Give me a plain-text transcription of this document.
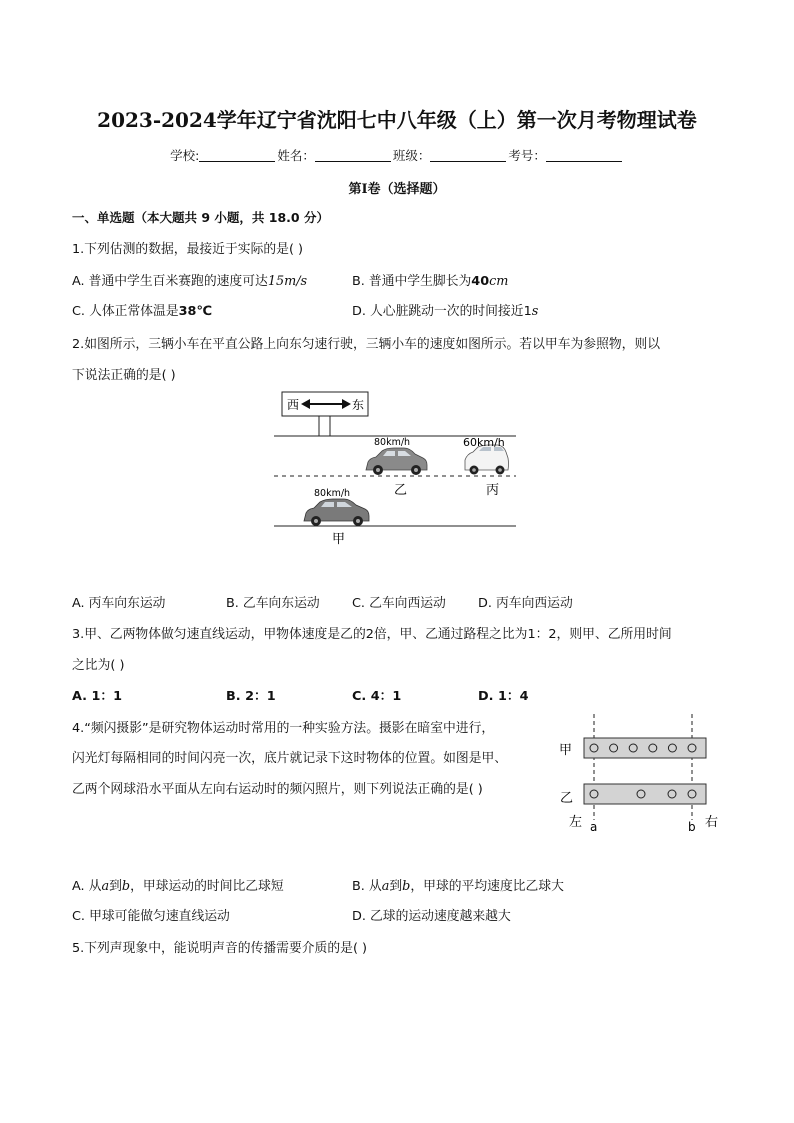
2023-2024学年辽宁省沈阳七中八年级（上）第一次月考物理试卷
学校:	姓名：	班级：	考号：
第Ⅰ卷（选择题）
一、单选题（本大题共 9 小题，共 18.0 分）
1.下列估测的数据，最接近于实际的是( )
A. 普通中学生百米赛跑的速度可达15m/s	B. 普通中学生脚长为40cm
C. 人体正常体温是38℃	D. 人心脏跳动一次的时间接近1s
2.如图所示，三辆小车在平直公路上向东匀速行驶，三辆小车的速度如图所示。若以甲车为参照物，则以
下说法正确的是( )
西	东
80km/h
乙
60km/h
丙
80km/h
甲
A. 丙车向东运动	B. 乙车向东运动	C. 乙车向西运动	D. 丙车向西运动
3.甲、乙两物体做匀速直线运动，甲物体速度是乙的2倍，甲、乙通过路程之比为1：2，则甲、乙所用时间
之比为( )
A. 1：1	B. 2：1	C. 4：1	D. 1：4
4.“频闪摄影”是研究物体运动时常用的一种实验方法。摄影在暗室中进行，
闪光灯每隔相同的时间闪亮一次，底片就记录下这时物体的位置。如图是甲、
乙两个网球沿水平面从左向右运动时的频闪照片，则下列说法正确的是( )
甲
乙
左 a	b 右
A. 从a到b，甲球运动的时间比乙球短	B. 从a到b，甲球的平均速度比乙球大
C. 甲球可能做匀速直线运动	D. 乙球的运动速度越来越大
5.下列声现象中，能说明声音的传播需要介质的是( )
